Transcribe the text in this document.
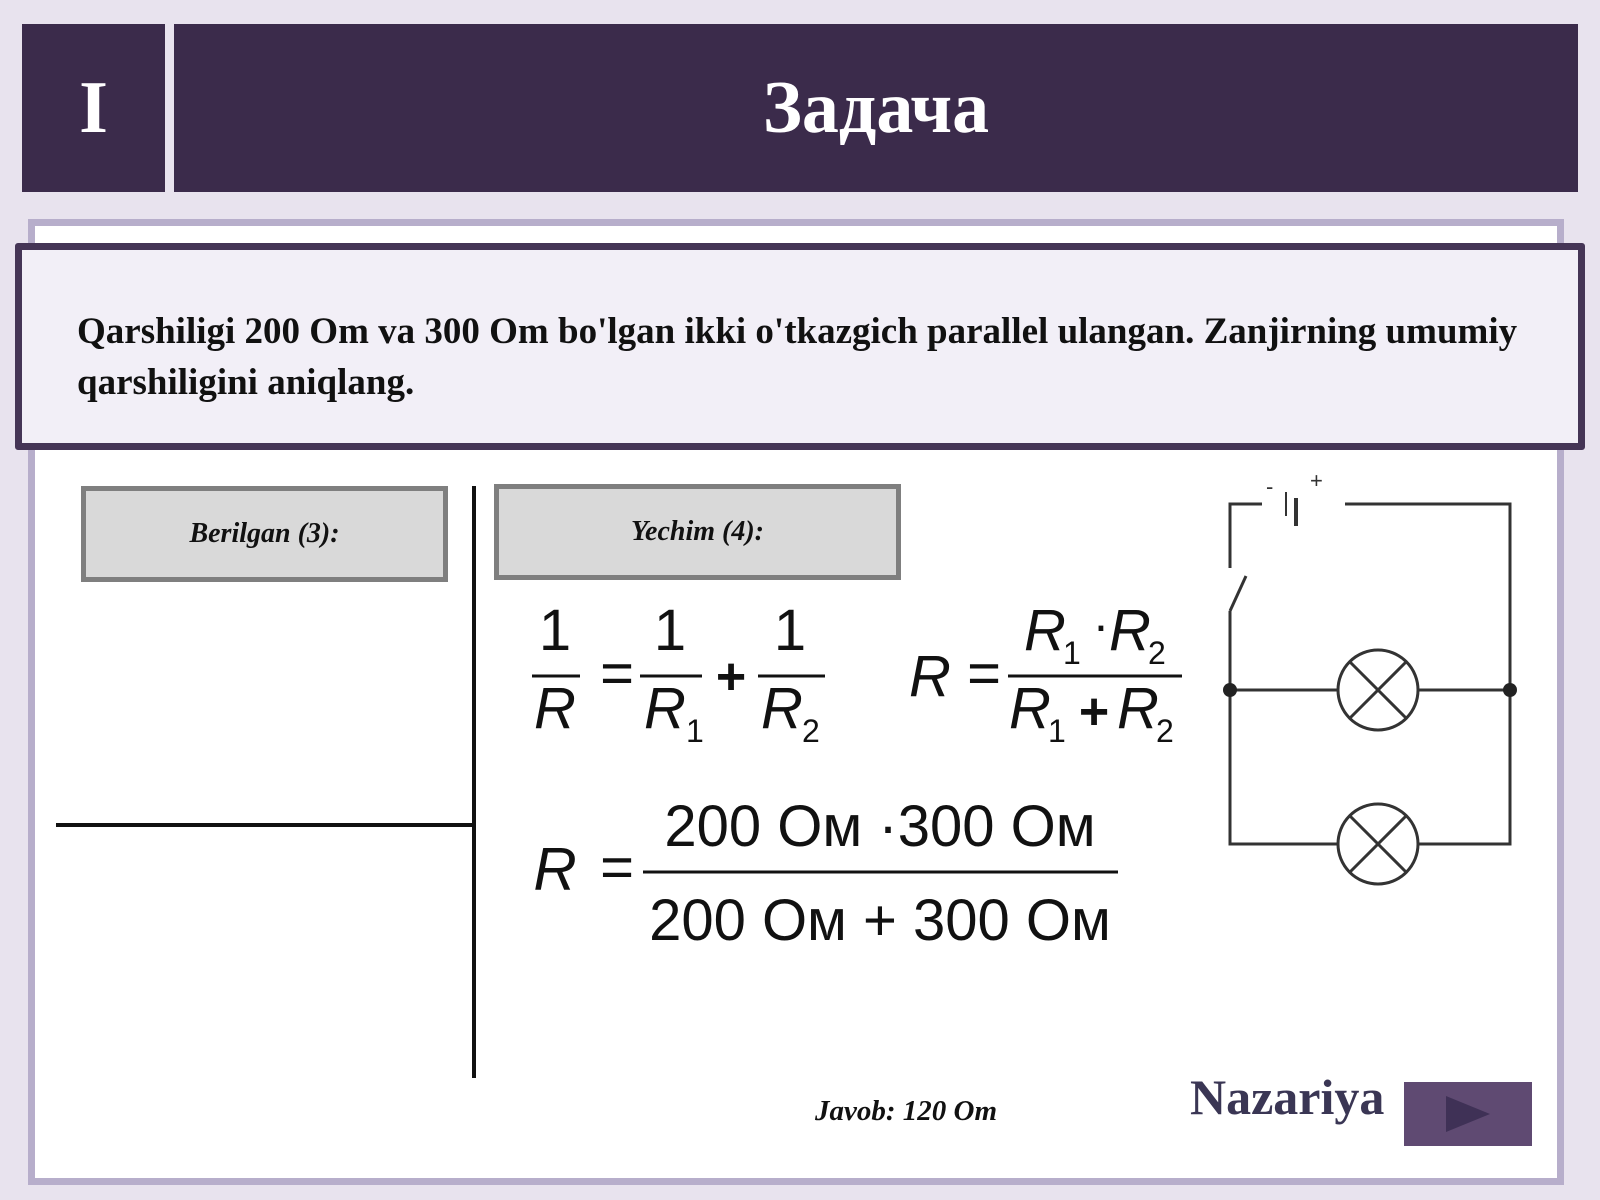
I	Задача
Qarshiligi 200 Om va 300 Om bo'lgan ikki o'tkazgich parallel ulangan. Zanjirning umumiy qarshiligini aniqlang.
Berilgan (3):	Yechim (4):
1
R
=
1
R 1
+
1
R 2
R =
R
1 · R
2
R
1 + R
2
R =
200 Ом ·300 Ом
200 Ом + 300 Ом
- +
Javob: 120 Om	Nazariya
